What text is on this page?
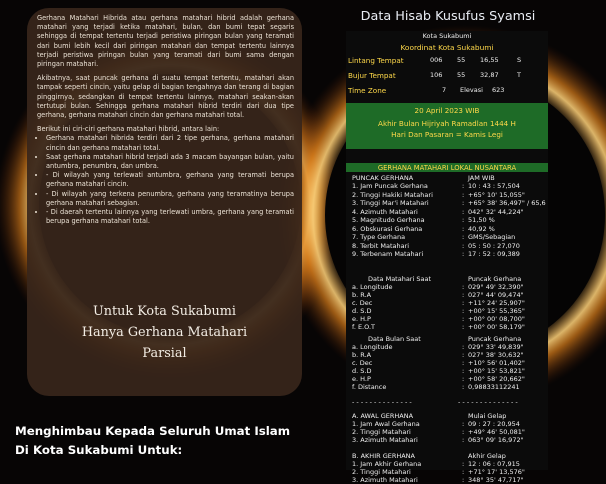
Gerhana Matahari Hibrida atau gerhana matahari hibrid adalah gerhana matahari yang terjadi ketika matahari, bulan, dan bumi tepat segaris sehingga di tempat tertentu terjadi peristiwa piringan bulan yang teramati dari bumi lebih kecil dari piringan matahari dan tempat tertentu lainnya terjadi peristiwa piringan bulan yang teramati dari bumi sama dengan piringan matahari.

Akibatnya, saat puncak gerhana di suatu tempat tertentu, matahari akan tampak seperti cincin, yaitu gelap di bagian tengahnya dan terang di bagian pinggirnya, sedangkan di tempat tertentu lainnya, matahari seakan-akan tertutupi bulan. Sehingga gerhana matahari hibrid terdiri dari dua tipe gerhana, gerhana matahari cincin dan gerhana matahari total.

Berikut ini ciri-ciri gerhana matahari hibrid, antara lain:

• Gerhana matahari hibrida terdiri dari 2 tipe gerhana, gerhana matahari cincin dan gerhana matahari total.
• Saat gerhana matahari hibrid terjadi ada 3 macam bayangan bulan, yaitu antumbra, penumbra, dan umbra.
• - Di wilayah yang terlewati antumbra, gerhana yang teramati berupa gerhana matahari cincin.
• - Di wilayah yang terkena penumbra, gerhana yang teramatinya berupa gerhana matahari sebagian.
• - Di daerah tertentu lainnya yang terlewati umbra, gerhana yang teramati berupa gerhana matahari total.
Untuk Kota Sukabumi
Hanya Gerhana Matahari
Parsial
Menghimbau Kepada Seluruh Umat Islam
Di Kota Sukabumi Untuk:
Data Hisab Kusufus Syamsi
Kota Sukabumi
Koordinat Kota Sukabumi
Lintang Tempat	006 55 16,55	S
Bujur Tempat	106 55 32,87	T
Time Zone	7 Elevasi 623
20 April 2023 WIB
Akhir Bulan Hijriyah Ramadlan 1444 H
Hari Dan Pasaran = Kamis Legi
GERHANA MATAHARI LOKAL NUSANTARA
PUNCAK GERHANA	JAM WIB
1. Jam Puncak Gerhana	: 10 : 43 : 57,504
2. Tinggi Hakiki Matahari	: +65° 10' 15,055"
3. Tinggi Mar'i Matahari	: +65° 38' 36,497" / 65,6
4. Azimuth Matahari	: 042° 32' 44,224"
5. Magnitudo Gerhana	: 51,50 %
6. Obskurasi Gerhana	: 40,92 %
7. Type Gerhana	: GMS/Sebagian
8. Terbit Matahari	: 05 : 50 : 27,070
9. Terbenam Matahari	: 17 : 52 : 09,389
Data Matahari Saat	Puncak Gerhana
a. Longitude	: 029° 49' 32,390"
b. R.A	: 027° 44' 09,474"
c. Dec	: +11° 24' 25,907"
d. S.D	: +00° 15' 55,365"
e. H.P	: +00° 00' 08,700"
f. E.O.T	: +00° 00' 58,179"
Data Bulan Saat	Puncak Gerhana
a. Longitude	: 029° 33' 49,839"
b. R.A	: 027° 38' 30,632"
c. Dec	: +10° 56' 01,402"
d. S.D	: +00° 15' 53,821"
e. H.P	: +00° 58' 20,662"
f. Distance	: 0,98833112241
- - - - - - - - - - - - - -	- - - - - - - - - - - - - -
A. AWAL GERHANA	Mulai Gelap
1. Jam Awal Gerhana	: 09 : 27 : 20,954
2. Tinggi Matahari	: +49° 46' 50,081"
3. Azimuth Matahari	: 063° 09' 16,972"
B. AKHIR GERHANA	Akhir Gelap
1. Jam Akhir Gerhana	: 12 : 06 : 07,915
2. Tinggi Matahari	: +71° 17' 13,576"
3. Azimuth Matahari	: 348° 35' 47,717"
